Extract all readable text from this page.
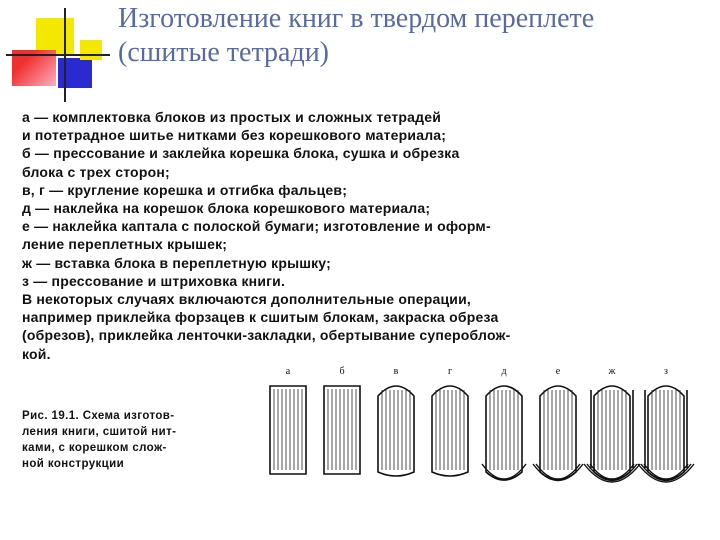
Изготовление книг в твердом переплете
(сшитые тетради)

а — комплектовка блоков из простых и сложных тетрадей

и потетрадное шитье нитками без корешкового материала;

б — прессование и заклейка корешка блока, сушка и обрезка

блока с трех сторон;

в, г — кругление корешка и отгибка фальцев;

д — наклейка на корешок блока корешкового материала;

е — наклейка каптала с полоской бумаги; изготовление и оформ-

ление переплетных крышек;

ж — вставка блока в переплетную крышку;

з — прессование и штриховка книги.

В некоторых случаях включаются дополнительные операции,

например приклейка форзацев к сшитым блокам, закраска обреза

(обрезов), приклейка ленточки-закладки, обертывание суперoблож-

кой.

Рис. 19.1. Схема изготов-

ления книги, сшитой нит-

ками, с корешком слож-

ной конструкции

а	б	в	г	д	е	ж	з
